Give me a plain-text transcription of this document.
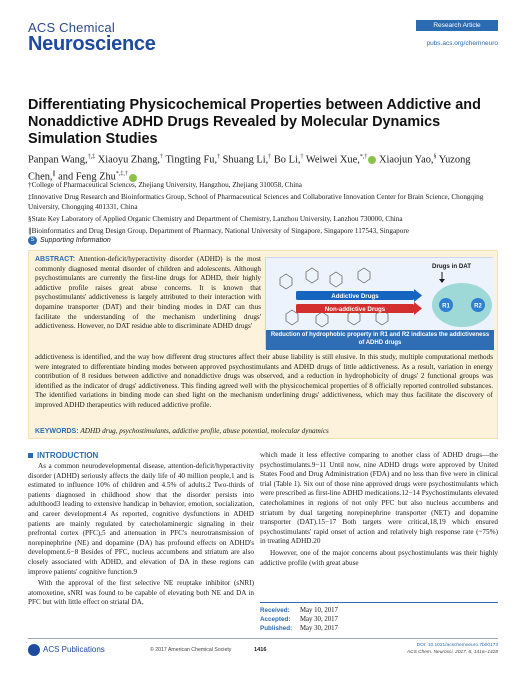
ACS Chemical
Neuroscience
Research Article
pubs.acs.org/chemneuro
Differentiating Physicochemical Properties between Addictive and Nonaddictive ADHD Drugs Revealed by Molecular Dynamics Simulation Studies
Panpan Wang,†,‡ Xiaoyu Zhang,† Tingting Fu,† Shuang Li,† Bo Li,† Weiwei Xue,*,† Xiaojun Yao,§ Yuzong Chen,∥ and Feng Zhu*,‡,†

†College of Pharmaceutical Sciences, Zhejiang University, Hangzhou, Zhejiang 310058, China

‡Innovative Drug Research and Bioinformatics Group, School of Pharmaceutical Sciences and Collaborative Innovation Center for Brain Science, Chongqing University, Chongqing 401331, China

§State Key Laboratory of Applied Organic Chemistry and Department of Chemistry, Lanzhou University, Lanzhou 730000, China

∥Bioinformatics and Drug Design Group, Department of Pharmacy, National University of Singapore, Singapore 117543, Singapore

S Supporting Information
ABSTRACT: Attention-deficit/hyperactivity disorder (ADHD) is the most commonly diagnosed mental disorder of children and adolescents. Although psychostimulants are currently the first-line drugs for ADHD, their highly addictive profile raises great abuse concerns. It is known that psychostimulants' addictiveness is largely attributed to their interaction with dopamine transporter (DAT) and their binding modes in DAT can thus facilitate the understanding of the mechanism underlining drugs' addictiveness. However, no DAT residue able to discriminate ADHD drugs'
Addictive Drugs
Non-addictive Drugs
Drugs in DAT
R1	R2
Reduction of hydrophobic property in R1 and R2 indicates the addictiveness of ADHD drugs
addictiveness is identified, and the way how different drug structures affect their abuse liability is still elusive. In this study, multiple computational methods were integrated to differentiate binding modes between approved psychostimulants and ADHD drugs of little addictiveness. As a result, variation in energy contribution of 8 residues between addictive and nonaddictive drugs was observed, and a reduction in hydrophobicity of drugs' 2 functional groups was identified as the indicator of drugs' addictiveness. This finding agreed well with the physicochemical properties of 8 officially reported controlled substances. The identified variations in binding mode can shed light on the mechanism underlining drugs' addictiveness, which may thus facilitate the discovery of improved ADHD therapeutics with reduced addictive profile.
KEYWORDS: ADHD drug, psychostimulants, addictive profile, abuse potential, molecular dynamics
INTRODUCTION

As a common neurodevelopmental disease, attention-deficit/hyperactivity disorder (ADHD) seriously affects the daily life of 40 million people,1 and is estimated to influence 10% of children and 4.5% of adults.2 Two-thirds of patients diagnosed in childhood show that the disorder persists into adulthood3 leading to extensive handicap in behavior, emotion, socialization, and career development.4 As reported, cognitive dysfunctions in ADHD patients are mainly regulated by catecholaminergic signaling in their prefrontal cortex (PFC),5 and attenuation in PFC's neurotransmission of norepinephrine (NE) and dopamine (DA) has profound effects on ADHD's development.6−8 Besides of PFC, nucleus accumbens and striatum are also closely associated with ADHD, and elevation of DA in these regions can improve patients' cognitive function.9

With the approval of the first selective NE reuptake inhibitor (sNRI) atomoxetine, sNRI was found to be capable of elevating both NE and DA in PFC but with little effect on striatal DA,

which made it less effective comparing to another class of ADHD drugs—the psychostimulants.9−11 Until now, nine ADHD drugs were approved by United States Food and Drug Administration (FDA) and no less than five were in clinical trial (Table 1). Six out of those nine approved drugs were psychostimulants which were prescribed as first-line ADHD medications.12−14 Psychostimulants elevated catecholamines in regions of not only PFC but also nucleus accumbens and striatum by dual targeting norepinephrine transporter (NET) and dopamine transporter (DAT).15−17 Both targets were critical,18,19 which ensured psychostimulants' rapid onset of action and relatively high response rate (~75%) in treating ADHD.20

However, one of the major concerns about psychostimulants was their highly addictive profile (with great abuse

Received:	May 10, 2017
Accepted:	May 30, 2017
Published:	May 30, 2017
ACS Publications	© 2017 American Chemical Society	1416
DOI: 10.1021/acschemneuro.7b00173
ACS Chem. Neurosci. 2017, 8, 1416−1428
